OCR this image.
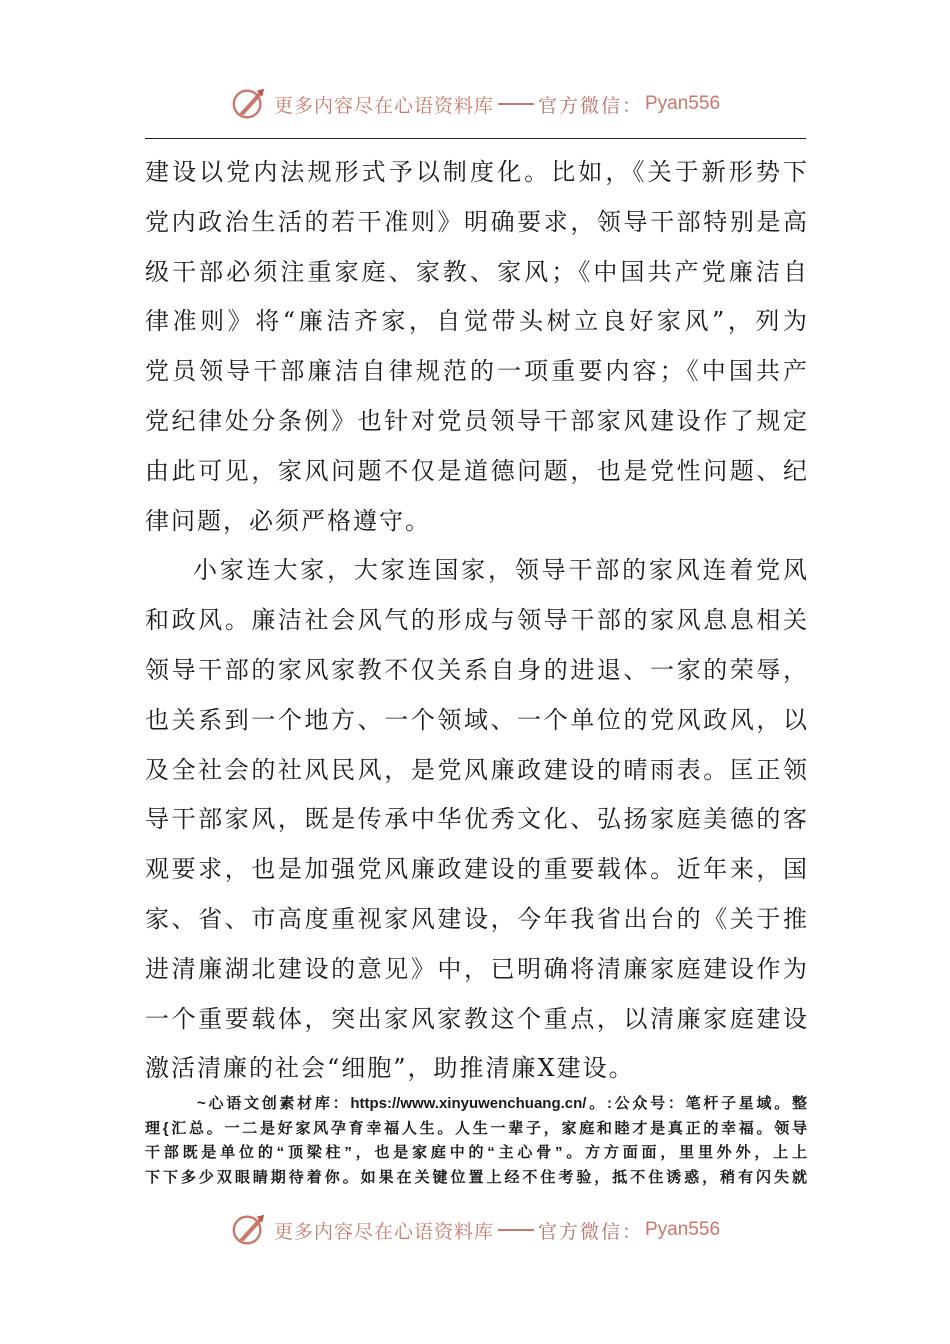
更多内容尽在心语资料库 官方微信： Pyan556
建设以党内法规形式予以制度化。比如，《关于新形势下
党内政治生活的若干准则》明确要求，领导干部特别是高
级干部必须注重家庭、家教、家风；《中国共产党廉洁自
律准则》将“廉洁齐家，自觉带头树立良好家风”，列为
党员领导干部廉洁自律规范的一项重要内容；《中国共产
党纪律处分条例》也针对党员领导干部家风建设作了规定
由此可见，家风问题不仅是道德问题，也是党性问题、纪
律问题，必须严格遵守。
小家连大家，大家连国家，领导干部的家风连着党风
和政风。廉洁社会风气的形成与领导干部的家风息息相关
领导干部的家风家教不仅关系自身的进退、一家的荣辱，
也关系到一个地方、一个领域、一个单位的党风政风，以
及全社会的社风民风，是党风廉政建设的晴雨表。匡正领
导干部家风，既是传承中华优秀文化、弘扬家庭美德的客
观要求，也是加强党风廉政建设的重要载体。近年来，国
家、省、市高度重视家风建设，今年我省出台的《关于推
进清廉湖北建设的意见》中，已明确将清廉家庭建设作为
一个重要载体，突出家风家教这个重点，以清廉家庭建设
激活清廉的社会“细胞”，助推清廉X建设。
~心语文创素材库：https://www.xinyuwenchuang.cn/。:公众号：笔杆子星域。整
理{汇总。一二是好家风孕育幸福人生。人生一辈子，家庭和睦才是真正的幸福。领导
干部既是单位的“顶梁柱”，也是家庭中的“主心骨”。方方面面，里里外外，上上
下下多少双眼睛期待着你。如果在关键位置上经不住考验，抵不住诱惑，稍有闪失就
更多内容尽在心语资料库 官方微信： Pyan556
